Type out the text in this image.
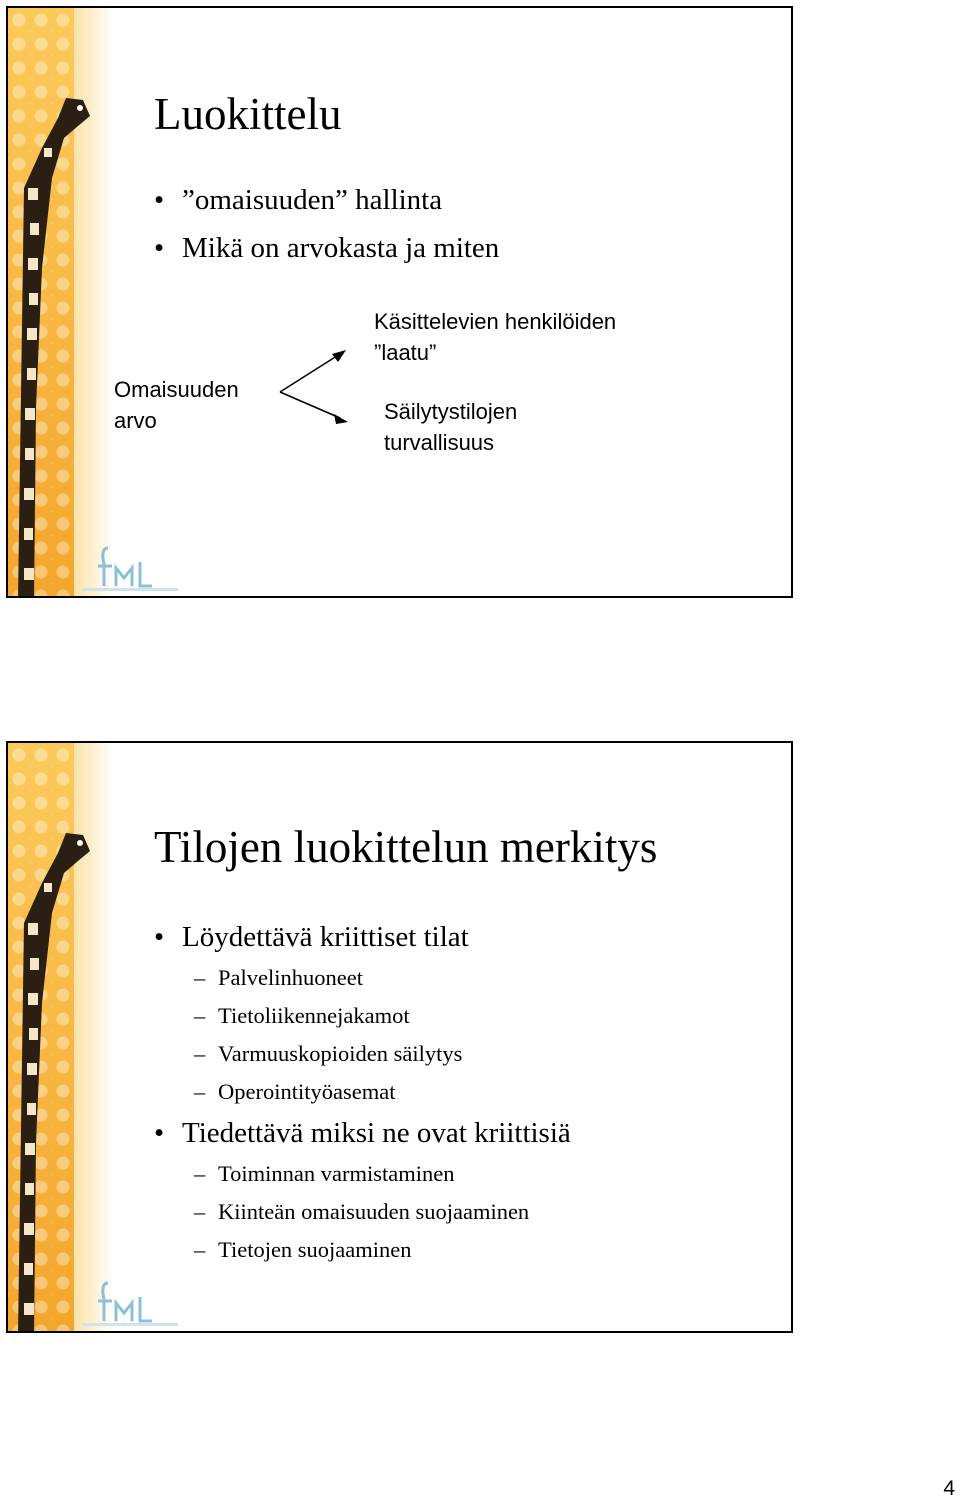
Luokittelu
”omaisuuden” hallinta
Mikä on arvokasta ja miten
Omaisuuden
arvo
Käsittelevien henkilöiden
”laatu”
Säilytystilojen
turvallisuus
Tilojen luokittelun merkitys
Löydettävä kriittiset tilat
Palvelinhuoneet
Tietoliikennejakamot
Varmuuskopioiden säilytys
Operointityöasemat
Tiedettävä miksi ne ovat kriittisiä
Toiminnan varmistaminen
Kiinteän omaisuuden suojaaminen
Tietojen suojaaminen
4
